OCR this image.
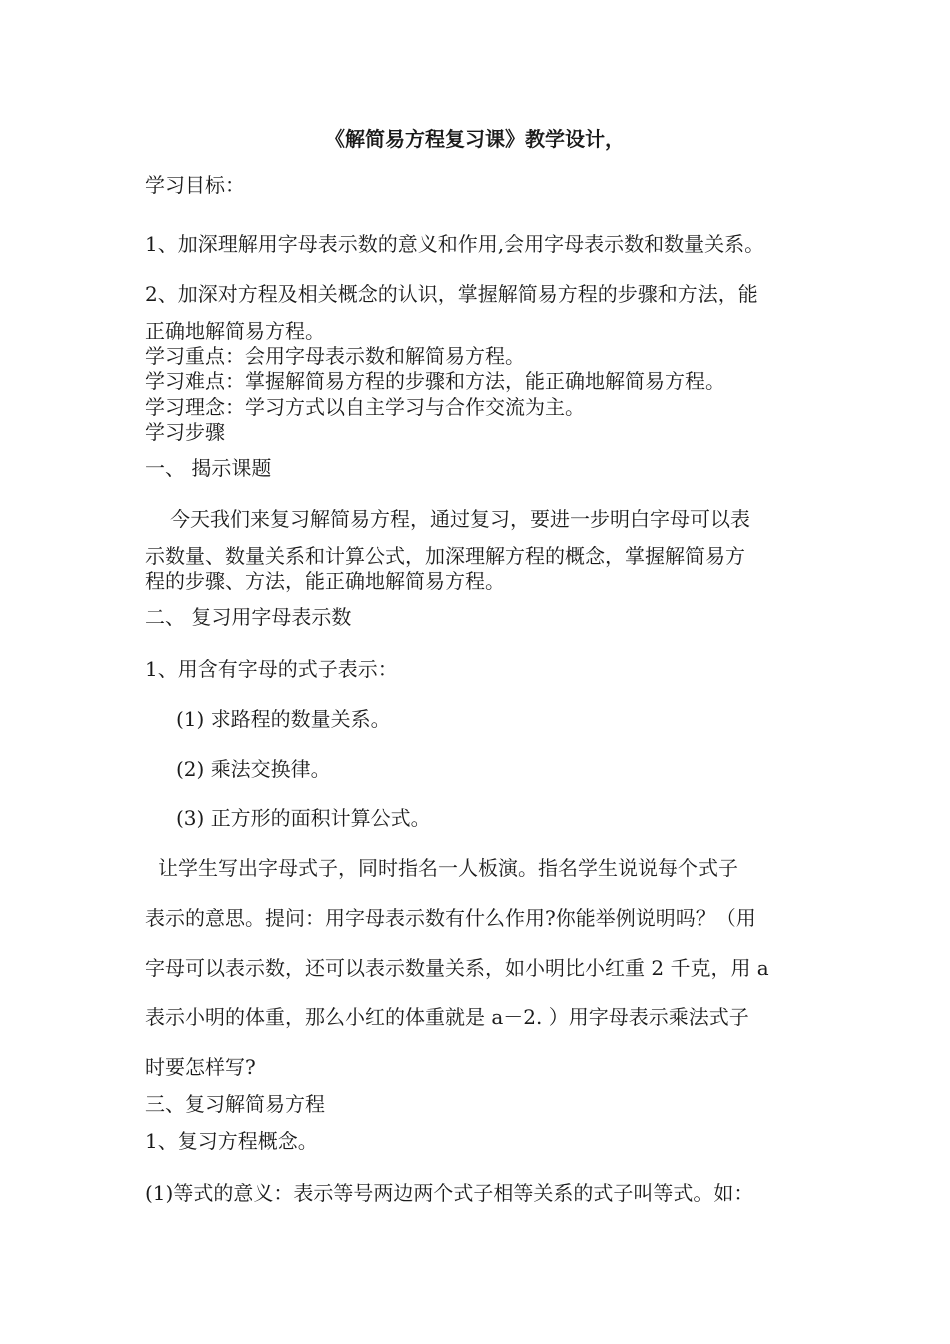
《解简易方程复习课》教学设计，
学习目标：
1、加深理解用字母表示数的意义和作用,会用字母表示数和数量关系。
2、加深对方程及相关概念的认识，掌握解简易方程的步骤和方法，能
正确地解简易方程。
学习重点：会用字母表示数和解简易方程。
学习难点：掌握解简易方程的步骤和方法，能正确地解简易方程。
学习理念：学习方式以自主学习与合作交流为主。
学习步骤
一、 揭示课题
今天我们来复习解简易方程，通过复习，要进一步明白字母可以表
示数量、数量关系和计算公式，加深理解方程的概念，掌握解简易方
程的步骤、方法，能正确地解简易方程。
二、 复习用字母表示数
1、用含有字母的式子表示：
(1) 求路程的数量关系。
(2) 乘法交换律。
(3) 正方形的面积计算公式。
让学生写出字母式子，同时指名一人板演。指名学生说说每个式子
表示的意思。提问：用字母表示数有什么作用?你能举例说明吗？（用
字母可以表示数，还可以表示数量关系，如小明比小红重 2 千克，用 a
表示小明的体重，那么小红的体重就是 a－2. ）用字母表示乘法式子
时要怎样写?
三、复习解简易方程
1、复习方程概念。
(1)等式的意义：表示等号两边两个式子相等关系的式子叫等式。如：
